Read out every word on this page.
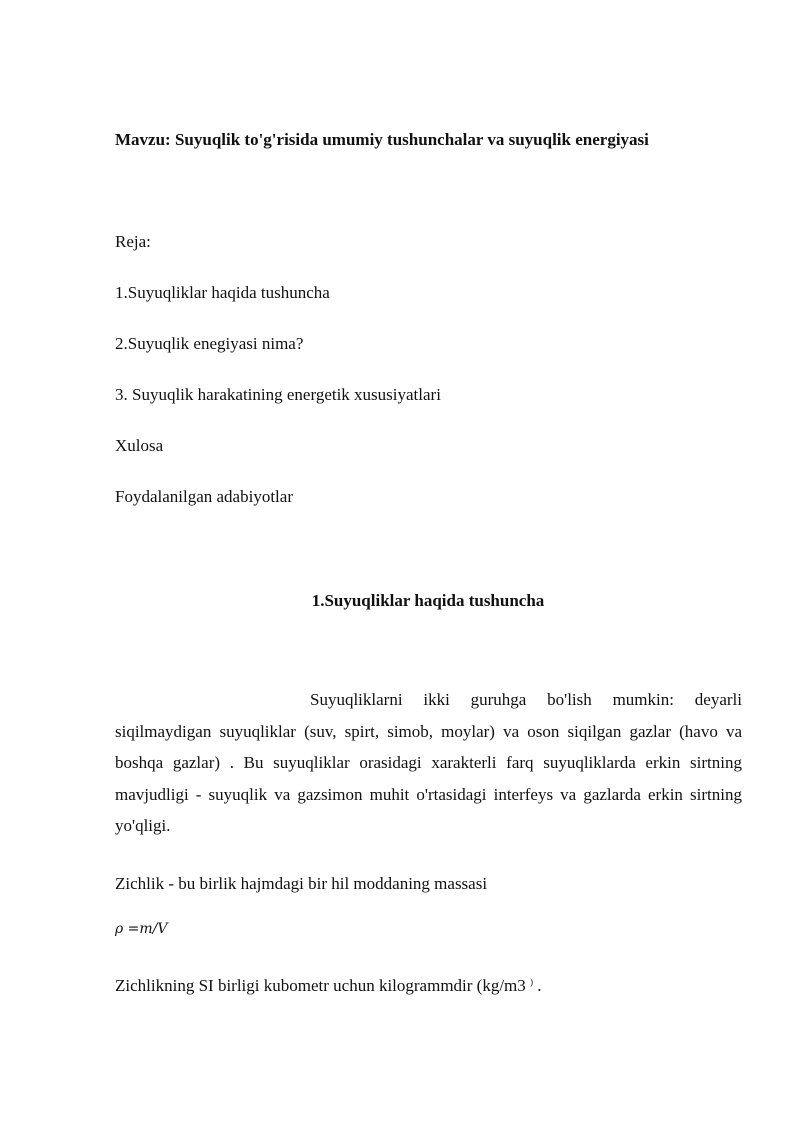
Mavzu: Suyuqlik to'g'risida umumiy tushunchalar va suyuqlik energiyasi
Reja:
1.Suyuqliklar haqida tushuncha
2.Suyuqlik enegiyasi nima?
3. Suyuqlik harakatining energetik xususiyatlari
Xulosa
Foydalanilgan adabiyotlar
1.Suyuqliklar haqida tushuncha
Suyuqliklarni ikki guruhga bo'lish mumkin: deyarli siqilmaydigan suyuqliklar (suv, spirt, simob, moylar) va oson siqilgan gazlar (havo va boshqa gazlar) . Bu suyuqliklar orasidagi xarakterli farq suyuqliklarda erkin sirtning mavjudligi - suyuqlik va gazsimon muhit o'rtasidagi interfeys va gazlarda erkin sirtning yo'qligi.
Zichlik - bu birlik hajmdagi bir hil moddaning massasi
ρ =m/V
Zichlikning SI birligi kubometr uchun kilogrammdir (kg/m3 ) .
